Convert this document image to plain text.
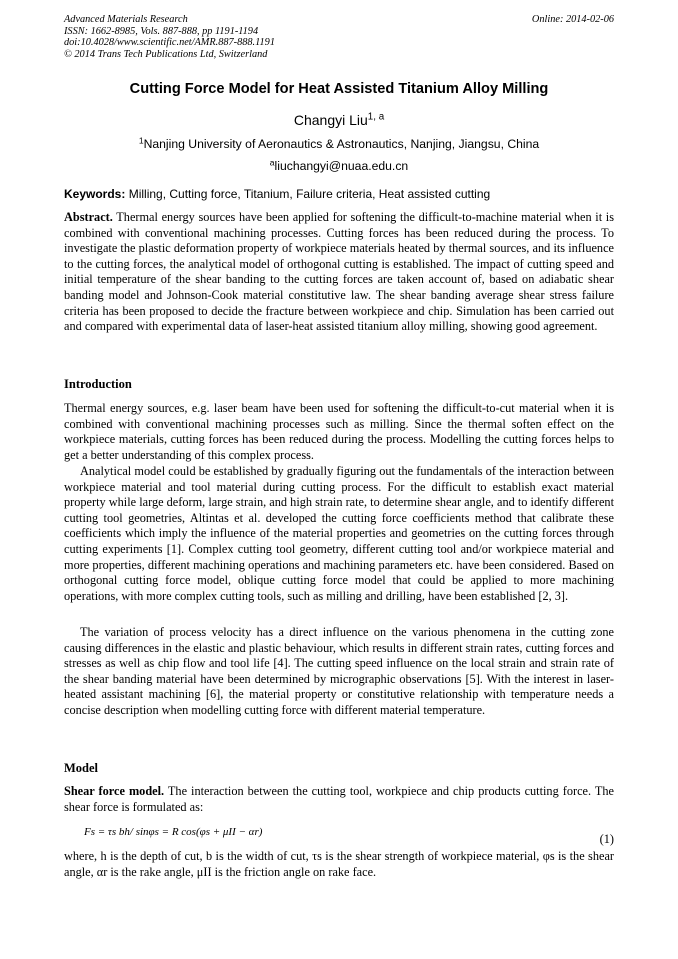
Advanced Materials Research
ISSN: 1662-8985, Vols. 887-888, pp 1191-1194
doi:10.4028/www.scientific.net/AMR.887-888.1191
© 2014 Trans Tech Publications Ltd, Switzerland
Online: 2014-02-06
Cutting Force Model for Heat Assisted Titanium Alloy Milling
Changyi Liu$^{1, a}$
$^1$Nanjing University of Aeronautics & Astronautics, Nanjing, Jiangsu, China
$^a$liuchangyi@nuaa.edu.cn
Keywords: Milling, Cutting force, Titanium, Failure criteria, Heat assisted cutting
Abstract. Thermal energy sources have been applied for softening the difficult-to-machine material when it is combined with conventional machining processes. Cutting forces has been reduced during the process. To investigate the plastic deformation property of workpiece materials heated by thermal sources, and its influence to the cutting forces, the analytical model of orthogonal cutting is established. The impact of cutting speed and initial temperature of the shear banding to the cutting forces are taken account of, based on adiabatic shear banding model and Johnson-Cook material constitutive law. The shear banding average shear stress failure criteria has been proposed to decide the fracture between workpiece and chip. Simulation has been carried out and compared with experimental data of laser-heat assisted titanium alloy milling, showing good agreement.
Introduction
Thermal energy sources, e.g. laser beam have been used for softening the difficult-to-cut material when it is combined with conventional machining processes such as milling. Since the thermal soften effect on the workpiece materials, cutting forces has been reduced during the process. Modelling the cutting forces helps to get a better understanding of this complex process.
Analytical model could be established by gradually figuring out the fundamentals of the interaction between workpiece material and tool material during cutting process. For the difficult to establish exact material property while large deform, large strain, and high strain rate, to determine shear angle, and to identify different cutting tool geometries, Altintas et al. developed the cutting force coefficients method that calibrate these coefficients which imply the influence of the material properties and geometries on the cutting forces through cutting experiments [1]. Complex cutting tool geometry, different cutting tool and/or workpiece material and more properties, different machining operations and machining parameters etc. have been considered. Based on orthogonal cutting force model, oblique cutting force model that could be applied to more machining operations, with more complex cutting tools, such as milling and drilling, have been established [2, 3].
The variation of process velocity has a direct influence on the various phenomena in the cutting zone causing differences in the elastic and plastic behaviour, which results in different strain rates, cutting forces and stresses as well as chip flow and tool life [4]. The cutting speed influence on the local strain and strain rate of the shear banding material have been determined by micrographic observations [5]. With the interest in laser-heated assistant machining [6], the material property or constitutive relationship with temperature needs a concise description when modelling cutting force with different material temperature.
Model
Shear force model. The interaction between the cutting tool, workpiece and chip products cutting force. The shear force is formulated as:
Fs = τs bh/ sinφs = R cos(φs + μII − αr)	(1)
where, h is the depth of cut, b is the width of cut, τs is the shear strength of workpiece material, φs is the shear angle, αr is the rake angle, μII is the friction angle on rake face.
